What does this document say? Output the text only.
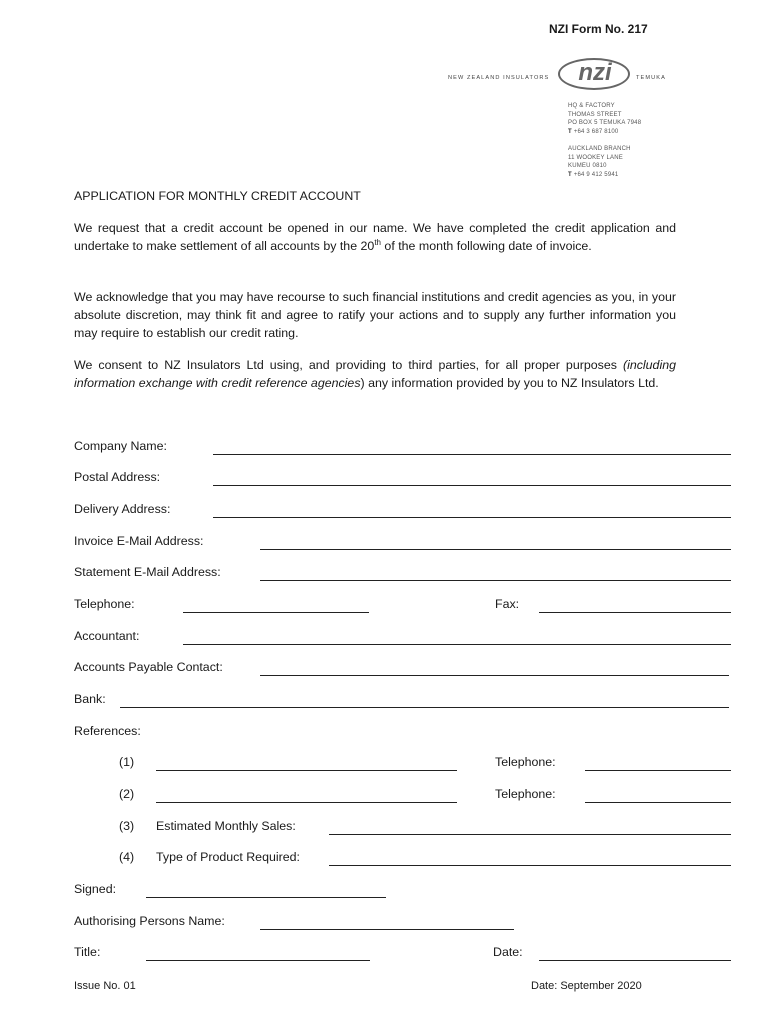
NZI Form No. 217
NEW ZEALAND INSULATORS	nzi	TEMUKA
HQ & FACTORY
THOMAS STREET
PO BOX 5 TEMUKA 7948
T +64 3 687 8100
AUCKLAND BRANCH
11 WOOKEY LANE
KUMEU 0810
T +64 9 412 5941
APPLICATION FOR MONTHLY CREDIT ACCOUNT
We request that a credit account be opened in our name. We have completed the credit application and undertake to make settlement of all accounts by the 20th of the month following date of invoice.
We acknowledge that you may have recourse to such financial institutions and credit agencies as you, in your absolute discretion, may think fit and agree to ratify your actions and to supply any further information you may require to establish our credit rating.
We consent to NZ Insulators Ltd using, and providing to third parties, for all proper purposes (including information exchange with credit reference agencies) any information provided by you to NZ Insulators Ltd.
Company Name:
Postal Address:
Delivery Address:
Invoice E-Mail Address:
Statement E-Mail Address:
Telephone:	Fax:
Accountant:
Accounts Payable Contact:
Bank:
References:
(1)	Telephone:
(2)	Telephone:
(3) Estimated Monthly Sales:
(4) Type of Product Required:
Signed:
Authorising Persons Name:
Title:	Date:
Issue No. 01	Date: September 2020
